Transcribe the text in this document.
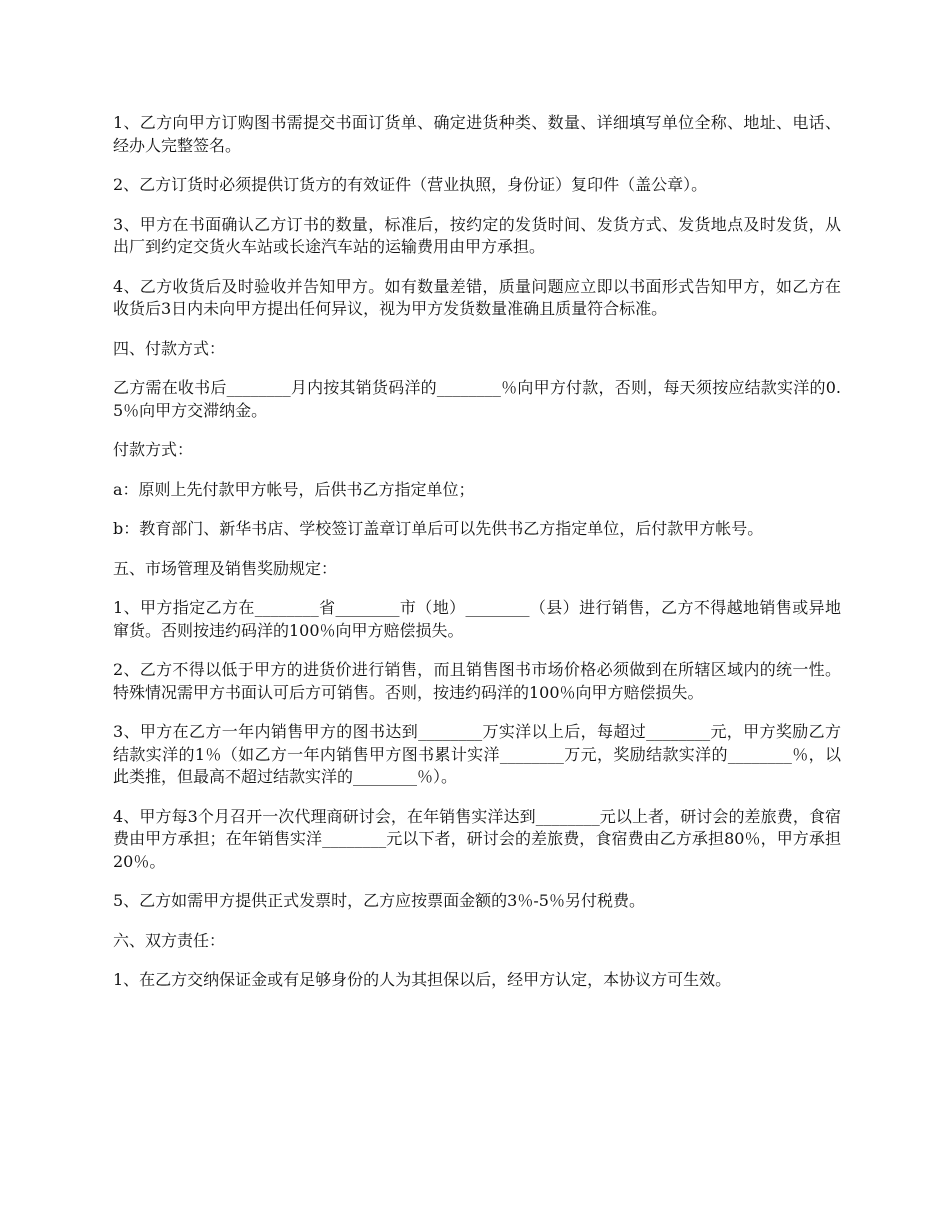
1、乙方向甲方订购图书需提交书面订货单、确定进货种类、数量、详细填写单位全称、地址、电话、经办人完整签名。

2、乙方订货时必须提供订货方的有效证件（营业执照，身份证）复印件（盖公章）。

3、甲方在书面确认乙方订书的数量，标准后，按约定的发货时间、发货方式、发货地点及时发货，从出厂到约定交货火车站或长途汽车站的运输费用由甲方承担。

4、乙方收货后及时验收并告知甲方。如有数量差错，质量问题应立即以书面形式告知甲方，如乙方在收货后3日内未向甲方提出任何异议，视为甲方发货数量准确且质量符合标准。

四、付款方式：

乙方需在收书后________月内按其销货码洋的________％向甲方付款，否则，每天须按应结款实洋的0.5％向甲方交滞纳金。

付款方式：

a：原则上先付款甲方帐号，后供书乙方指定单位；

b：教育部门、新华书店、学校签订盖章订单后可以先供书乙方指定单位，后付款甲方帐号。

五、市场管理及销售奖励规定：

1、甲方指定乙方在________省________市（地）________（县）进行销售，乙方不得越地销售或异地窜货。否则按违约码洋的100％向甲方赔偿损失。

2、乙方不得以低于甲方的进货价进行销售，而且销售图书市场价格必须做到在所辖区域内的统一性。特殊情况需甲方书面认可后方可销售。否则，按违约码洋的100％向甲方赔偿损失。

3、甲方在乙方一年内销售甲方的图书达到________万实洋以上后，每超过________元，甲方奖励乙方结款实洋的1％（如乙方一年内销售甲方图书累计实洋________万元，奖励结款实洋的________％，以此类推，但最高不超过结款实洋的________％）。

4、甲方每3个月召开一次代理商研讨会，在年销售实洋达到________元以上者，研讨会的差旅费，食宿费由甲方承担；在年销售实洋________元以下者，研讨会的差旅费，食宿费由乙方承担80％，甲方承担20％。

5、乙方如需甲方提供正式发票时，乙方应按票面金额的3％-5％另付税费。

六、双方责任：

1、在乙方交纳保证金或有足够身份的人为其担保以后，经甲方认定，本协议方可生效。
